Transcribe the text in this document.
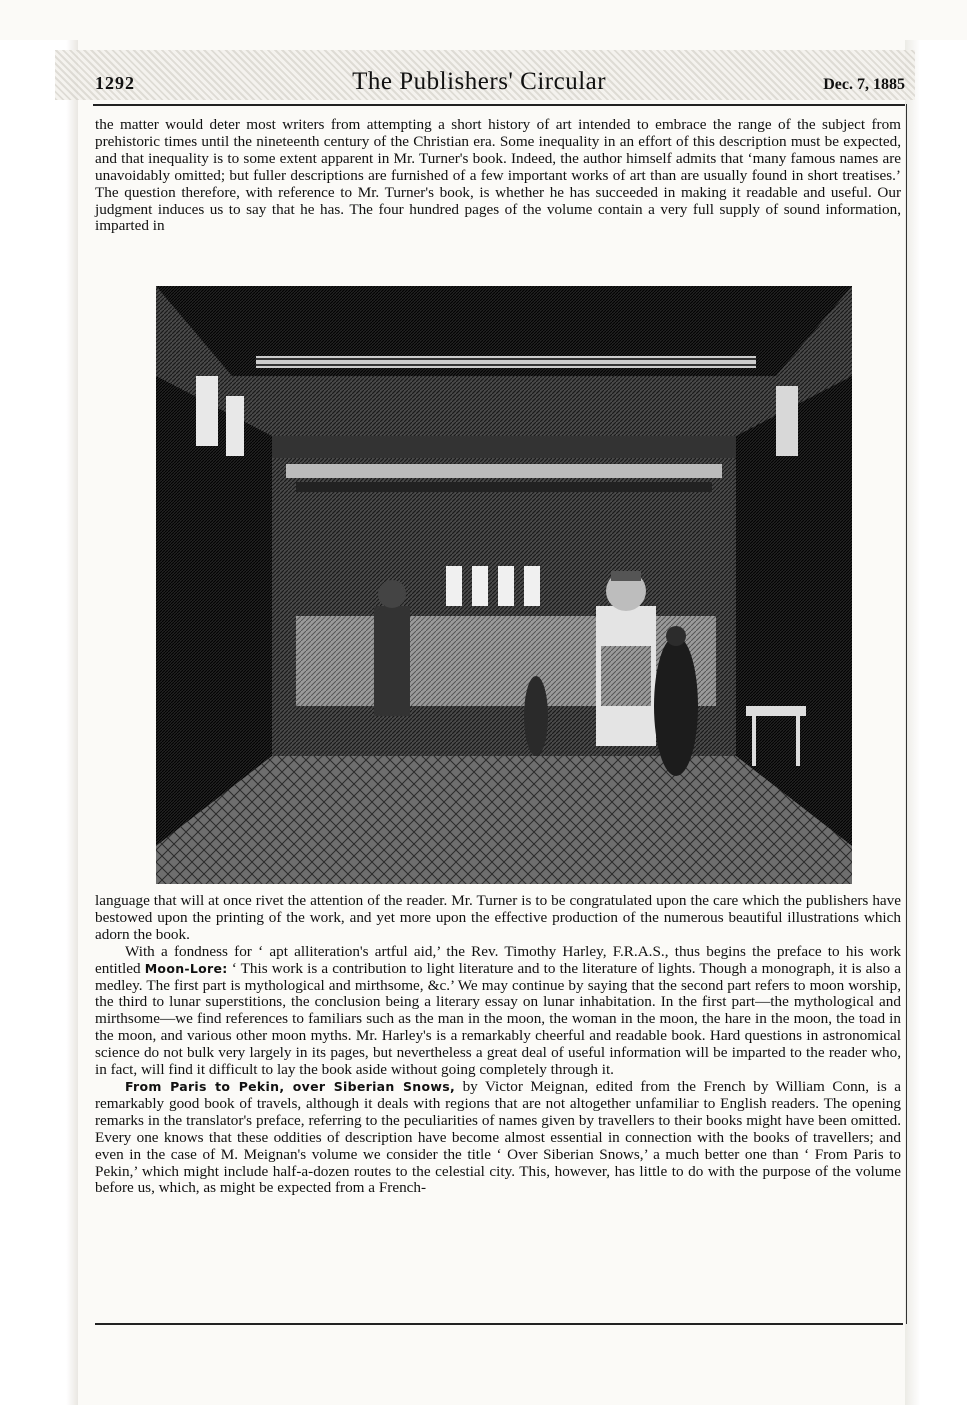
1292	The Publishers' Circular	Dec. 7, 1885

the matter would deter most writers from attempting a short history of art intended to embrace the range of the subject from prehistoric times until the nineteenth century of the Christian era. Some inequality in an effort of this description must be expected, and that inequality is to some extent apparent in Mr. Turner's book. Indeed, the author himself admits that ‘many famous names are unavoidably omitted; but fuller descriptions are furnished of a few important works of art than are usually found in short treatises.’ The question therefore, with reference to Mr. Turner's book, is whether he has succeeded in making it readable and useful. Our judgment induces us to say that he has. The four hundred pages of the volume contain a very full supply of sound information, imparted in

language that will at once rivet the attention of the reader. Mr. Turner is to be congratulated upon the care which the publishers have bestowed upon the printing of the work, and yet more upon the effective production of the numerous beautiful illustrations which adorn the book.

With a fondness for ‘ apt alliteration's artful aid,’ the Rev. Timothy Harley, F.R.A.S., thus begins the preface to his work entitled Moon-Lore: ‘ This work is a contribution to light literature and to the literature of lights. Though a monograph, it is also a medley. The first part is mythological and mirthsome, &c.’ We may continue by saying that the second part refers to moon worship, the third to lunar superstitions, the conclusion being a literary essay on lunar inhabitation. In the first part—the mythological and mirthsome—we find references to familiars such as the man in the moon, the woman in the moon, the hare in the moon, the toad in the moon, and various other moon myths. Mr. Harley's is a remarkably cheerful and readable book. Hard questions in astronomical science do not bulk very largely in its pages, but nevertheless a great deal of useful information will be imparted to the reader who, in fact, will find it difficult to lay the book aside without going completely through it.

From Paris to Pekin, over Siberian Snows, by Victor Meignan, edited from the French by William Conn, is a remarkably good book of travels, although it deals with regions that are not altogether unfamiliar to English readers. The opening remarks in the translator's preface, referring to the peculiarities of names given by travellers to their books might have been omitted. Every one knows that these oddities of description have become almost essential in connection with the books of travellers; and even in the case of M. Meignan's volume we consider the title ‘ Over Siberian Snows,’ a much better one than ‘ From Paris to Pekin,’ which might include half-a-dozen routes to the celestial city. This, however, has little to do with the purpose of the volume before us, which, as might be expected from a French-
